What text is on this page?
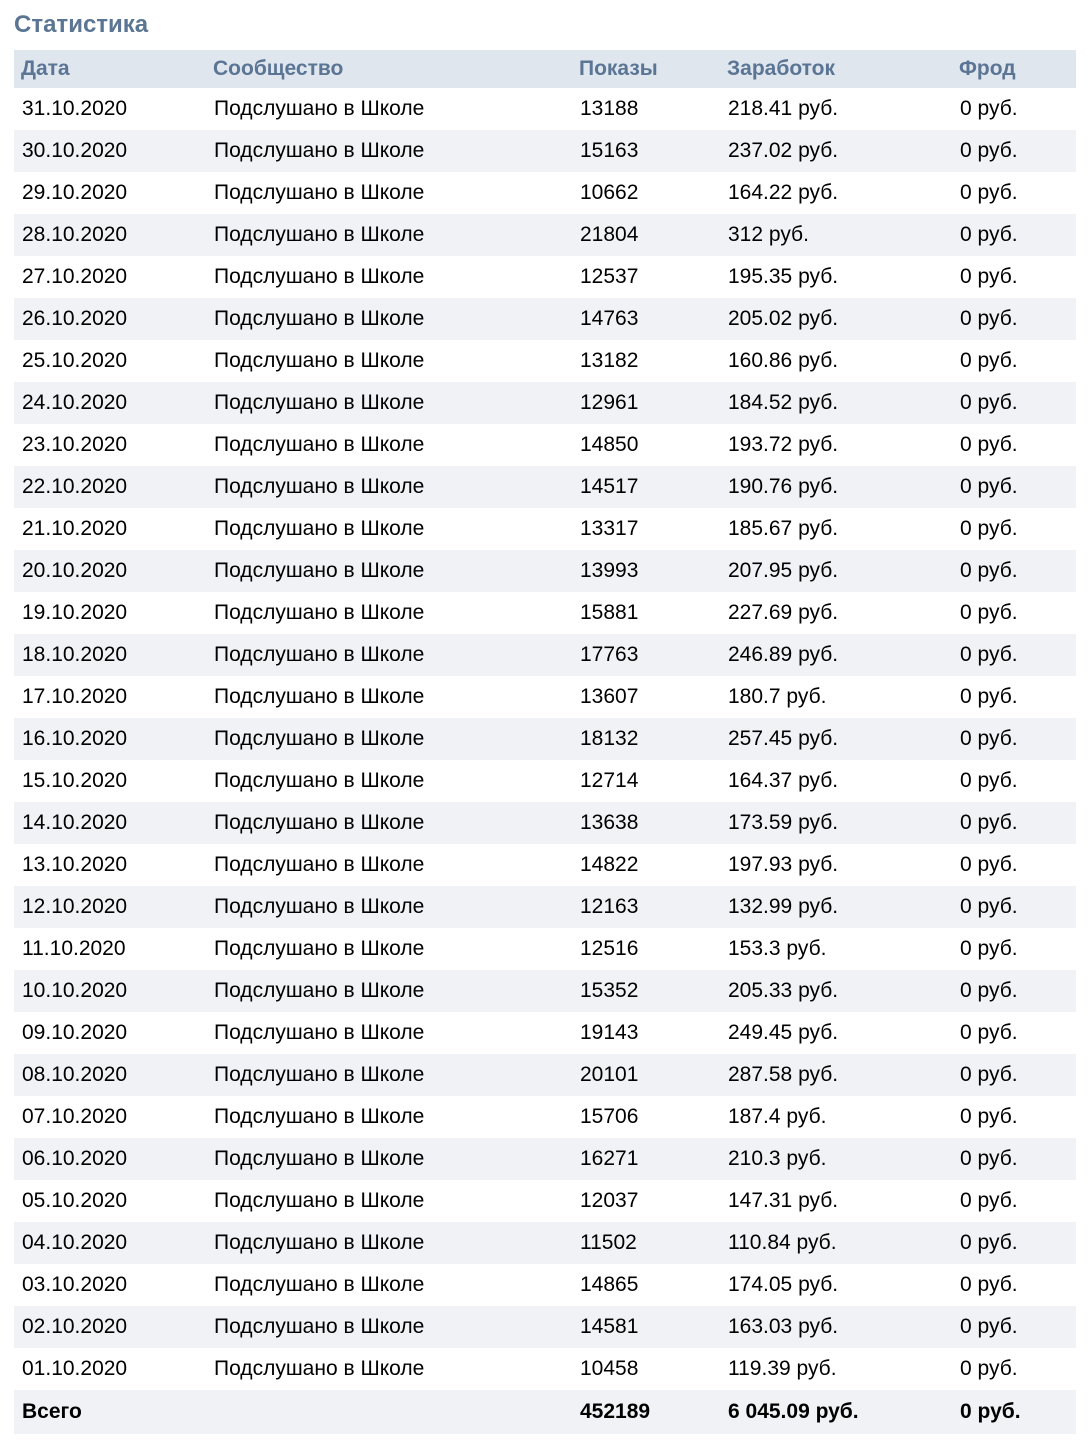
Статистика
Дата	Сообщество	Показы	Заработок	Фрод
31.10.2020	Подслушано в Школе	13188	218.41 руб.	0 руб.
30.10.2020	Подслушано в Школе	15163	237.02 руб.	0 руб.
29.10.2020	Подслушано в Школе	10662	164.22 руб.	0 руб.
28.10.2020	Подслушано в Школе	21804	312 руб.	0 руб.
27.10.2020	Подслушано в Школе	12537	195.35 руб.	0 руб.
26.10.2020	Подслушано в Школе	14763	205.02 руб.	0 руб.
25.10.2020	Подслушано в Школе	13182	160.86 руб.	0 руб.
24.10.2020	Подслушано в Школе	12961	184.52 руб.	0 руб.
23.10.2020	Подслушано в Школе	14850	193.72 руб.	0 руб.
22.10.2020	Подслушано в Школе	14517	190.76 руб.	0 руб.
21.10.2020	Подслушано в Школе	13317	185.67 руб.	0 руб.
20.10.2020	Подслушано в Школе	13993	207.95 руб.	0 руб.
19.10.2020	Подслушано в Школе	15881	227.69 руб.	0 руб.
18.10.2020	Подслушано в Школе	17763	246.89 руб.	0 руб.
17.10.2020	Подслушано в Школе	13607	180.7 руб.	0 руб.
16.10.2020	Подслушано в Школе	18132	257.45 руб.	0 руб.
15.10.2020	Подслушано в Школе	12714	164.37 руб.	0 руб.
14.10.2020	Подслушано в Школе	13638	173.59 руб.	0 руб.
13.10.2020	Подслушано в Школе	14822	197.93 руб.	0 руб.
12.10.2020	Подслушано в Школе	12163	132.99 руб.	0 руб.
11.10.2020	Подслушано в Школе	12516	153.3 руб.	0 руб.
10.10.2020	Подслушано в Школе	15352	205.33 руб.	0 руб.
09.10.2020	Подслушано в Школе	19143	249.45 руб.	0 руб.
08.10.2020	Подслушано в Школе	20101	287.58 руб.	0 руб.
07.10.2020	Подслушано в Школе	15706	187.4 руб.	0 руб.
06.10.2020	Подслушано в Школе	16271	210.3 руб.	0 руб.
05.10.2020	Подслушано в Школе	12037	147.31 руб.	0 руб.
04.10.2020	Подслушано в Школе	11502	110.84 руб.	0 руб.
03.10.2020	Подслушано в Школе	14865	174.05 руб.	0 руб.
02.10.2020	Подслушано в Школе	14581	163.03 руб.	0 руб.
01.10.2020	Подслушано в Школе	10458	119.39 руб.	0 руб.
Всего		452189	6 045.09 руб.	0 руб.
